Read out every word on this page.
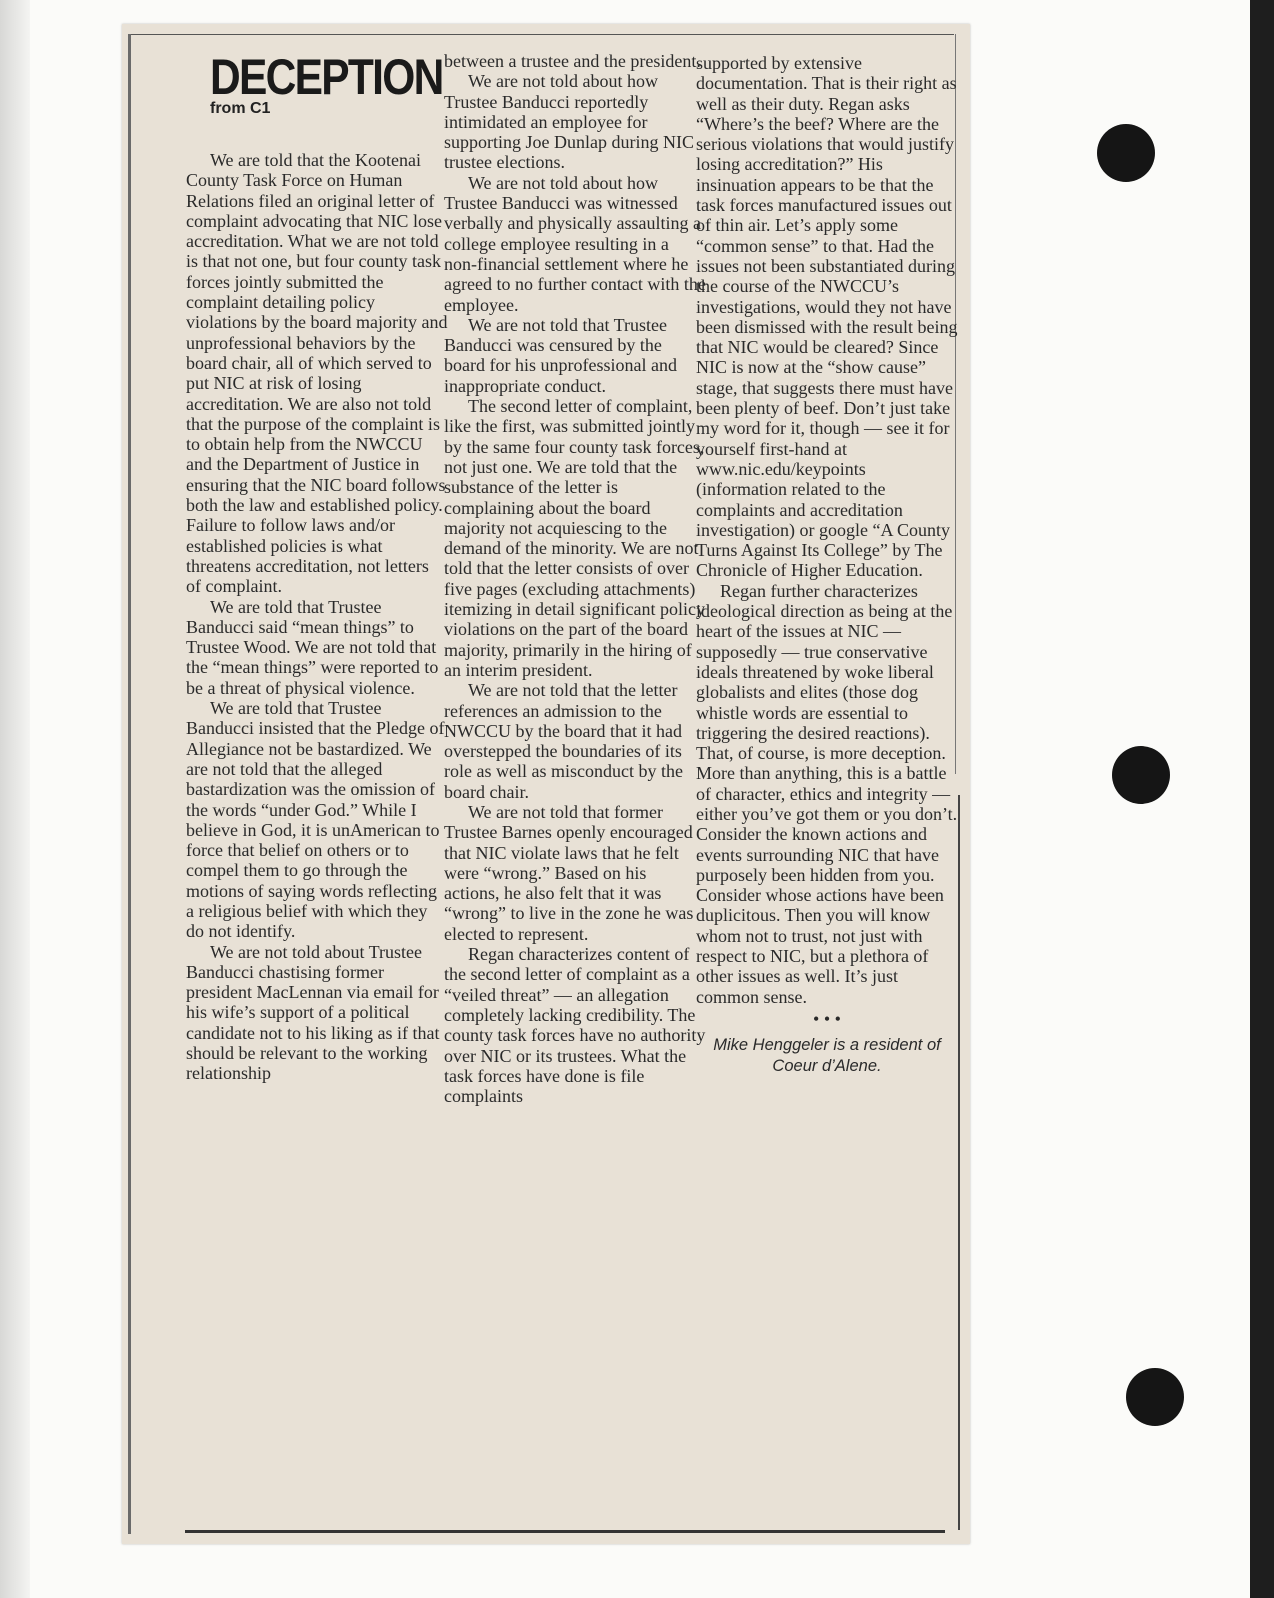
DECEPTION
from C1

We are told that the Kootenai County Task Force on Human Relations filed an original letter of complaint advocating that NIC lose accreditation. What we are not told is that not one, but four county task forces jointly submitted the complaint detailing policy violations by the board majority and unprofessional behaviors by the board chair, all of which served to put NIC at risk of losing accreditation. We are also not told that the purpose of the complaint is to obtain help from the NWCCU and the Department of Justice in ensuring that the NIC board follows both the law and established policy. Failure to follow laws and/or established policies is what threatens accreditation, not letters of complaint.

We are told that Trustee Banducci said “mean things” to Trustee Wood. We are not told that the “mean things” were reported to be a threat of physical violence.

We are told that Trustee Banducci insisted that the Pledge of Allegiance not be bastardized. We are not told that the alleged bastardization was the omission of the words “under God.” While I believe in God, it is unAmerican to force that belief on others or to compel them to go through the motions of saying words reflecting a religious belief with which they do not identify.

We are not told about Trustee Banducci chastising former president MacLennan via email for his wife’s support of a political candidate not to his liking as if that should be relevant to the working relationship

between a trustee and the president.

We are not told about how Trustee Banducci reportedly intimidated an employee for supporting Joe Dunlap during NIC trustee elections.

We are not told about how Trustee Banducci was witnessed verbally and physically assaulting a college employee resulting in a non-financial settlement where he agreed to no further contact with the employee.

We are not told that Trustee Banducci was censured by the board for his unprofessional and inappropriate conduct.

The second letter of complaint, like the first, was submitted jointly by the same four county task forces, not just one. We are told that the substance of the letter is complaining about the board majority not acquiescing to the demand of the minority. We are not told that the letter consists of over five pages (excluding attachments) itemizing in detail significant policy violations on the part of the board majority, primarily in the hiring of an interim president.

We are not told that the letter references an admission to the NWCCU by the board that it had overstepped the boundaries of its role as well as misconduct by the board chair.

We are not told that former Trustee Barnes openly encouraged that NIC violate laws that he felt were “wrong.” Based on his actions, he also felt that it was “wrong” to live in the zone he was elected to represent.

Regan characterizes content of the second letter of complaint as a “veiled threat” — an allegation completely lacking credibility. The county task forces have no authority over NIC or its trustees. What the task forces have done is file complaints

supported by extensive documentation. That is their right as well as their duty. Regan asks “Where’s the beef? Where are the serious violations that would justify losing accreditation?” His insinuation appears to be that the task forces manufactured issues out of thin air. Let’s apply some “common sense” to that. Had the issues not been substantiated during the course of the NWCCU’s investigations, would they not have been dismissed with the result being that NIC would be cleared? Since NIC is now at the “show cause” stage, that suggests there must have been plenty of beef. Don’t just take my word for it, though — see it for yourself first-hand at www.nic.edu/keypoints (information related to the complaints and accreditation investigation) or google “A County Turns Against Its College” by The Chronicle of Higher Education.

Regan further characterizes ideological direction as being at the heart of the issues at NIC — supposedly — true conservative ideals threatened by woke liberal globalists and elites (those dog whistle words are essential to triggering the desired reactions). That, of course, is more deception. More than anything, this is a battle of character, ethics and integrity — either you’ve got them or you don’t. Consider the known actions and events surrounding NIC that have purposely been hidden from you. Consider whose actions have been duplicitous. Then you will know whom not to trust, not just with respect to NIC, but a plethora of other issues as well. It’s just common sense.

• • •

Mike Henggeler is a resident of Coeur d’Alene.
